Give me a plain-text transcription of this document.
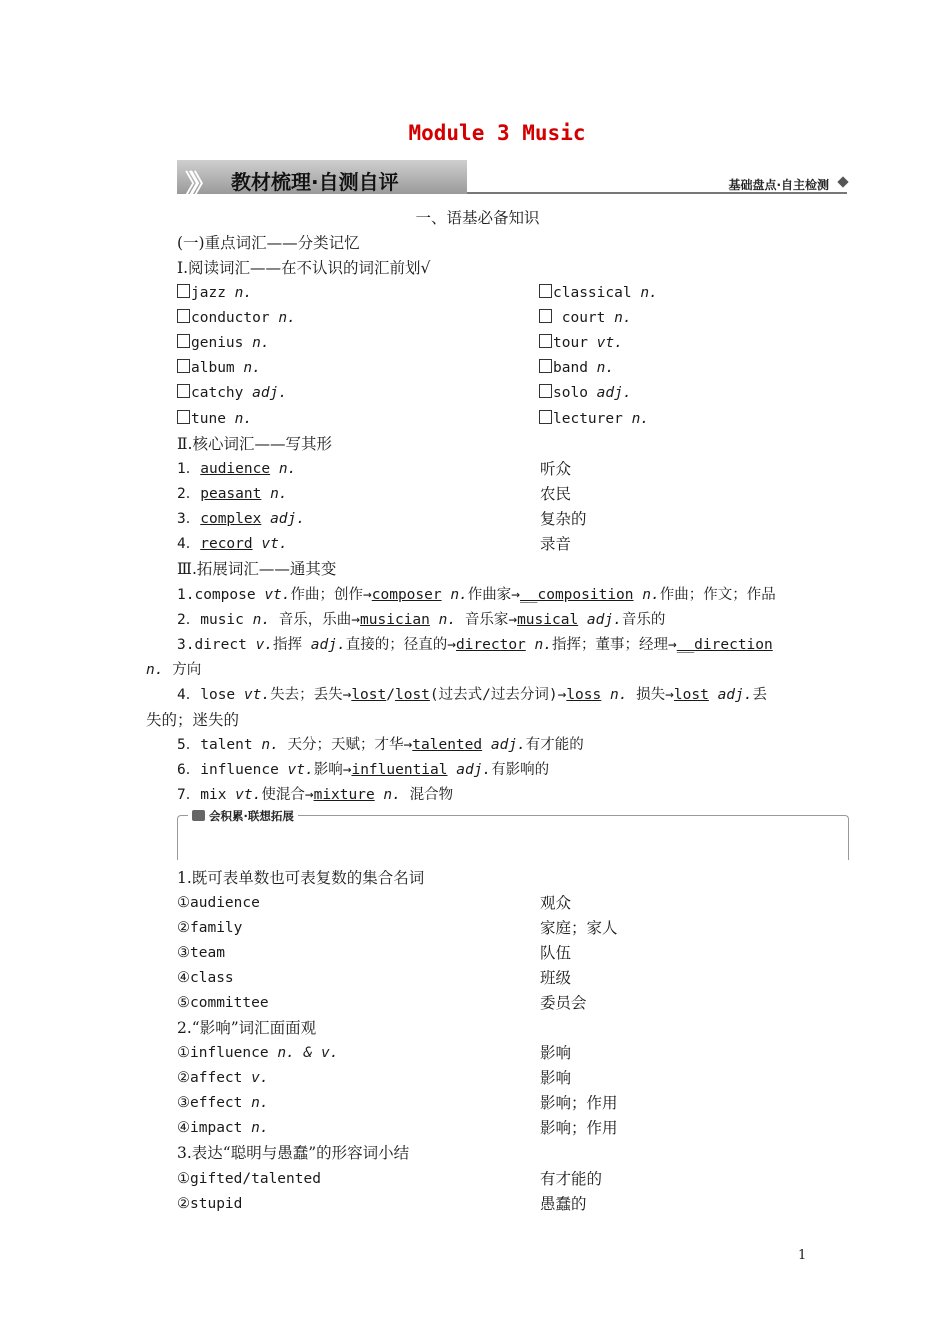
Module 3 Music
》》 教材梳理·自测自评	基础盘点·自主检测
一、语基必备知识
(一)重点词汇——分类记忆
Ⅰ.阅读词汇——在不认识的词汇前划√
jazz n.
conductor n.
genius n.
album n.
catchy adj.
tune n.
classical n.
court n.
tour vt.
band n.
solo adj.
lecturer n.
Ⅱ.核心词汇——写其形
1．audience n.
2．peasant n.
3．complex adj.
4．record vt.
听众
农民
复杂的
录音
Ⅲ.拓展词汇——通其变
1.compose vt.作曲；创作→composer n.作曲家→__composition n.作曲；作文；作品
2．music n. 音乐，乐曲→musician n. 音乐家→musical adj.音乐的
3.direct v.指挥 adj.直接的；径直的→director n.指挥；董事；经理→__direction
n. 方向
4．lose vt.失去；丢失→lost/lost(过去式/过去分词)→loss n. 损失→lost adj.丢
失的；迷失的
5．talent n. 天分；天赋；才华→talented adj.有才能的
6．influence vt.影响→influential adj.有影响的
7．mix vt.使混合→mixture n. 混合物
会积累·联想拓展
1.既可表单数也可表复数的集合名词
①audience
②family
③team
④class
⑤committee
观众
家庭；家人
队伍
班级
委员会
2.“影响”词汇面面观
①influence n. & v.
②affect v.
③effect n.
④impact n.
影响
影响
影响；作用
影响；作用
3.表达“聪明与愚蠢”的形容词小结
①gifted/talented
②stupid
有才能的
愚蠢的
1
